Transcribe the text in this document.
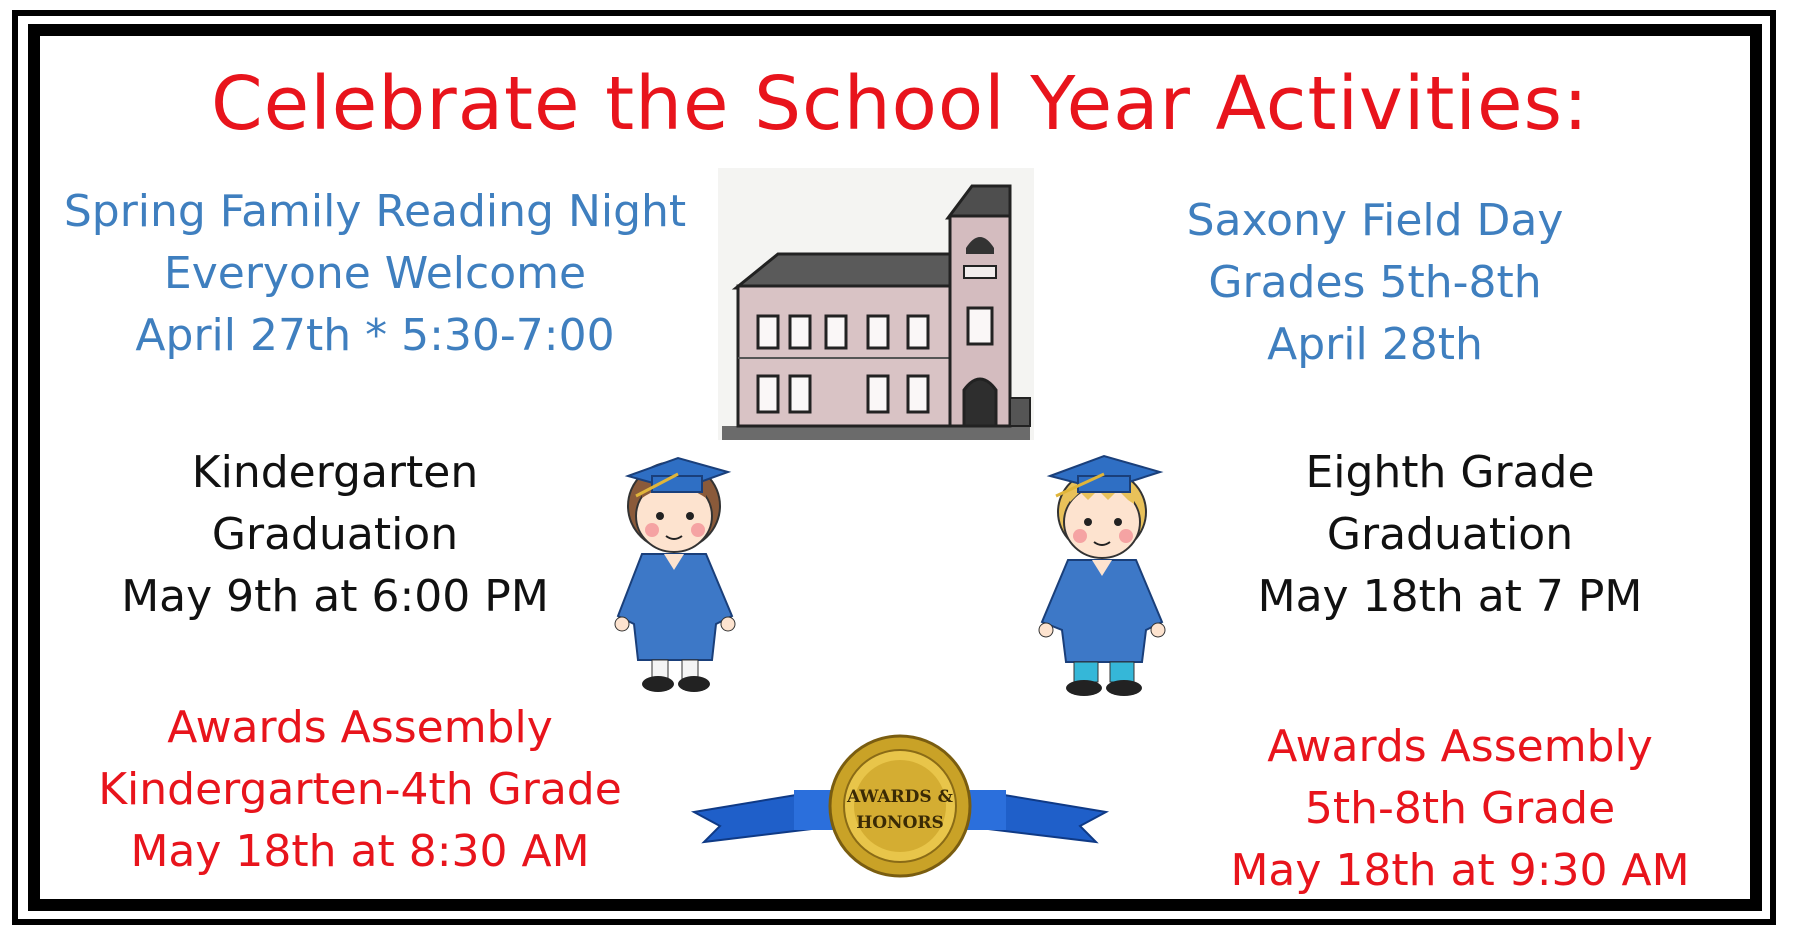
Celebrate the School Year Activities:
Spring Family Reading Night
Everyone Welcome
April 27th * 5:30-7:00
Saxony Field Day
Grades 5th-8th
April 28th
Kindergarten
Graduation
May 9th at 6:00 PM
Eighth Grade
Graduation
May 18th at 7 PM
Awards Assembly
Kindergarten-4th Grade
May 18th at 8:30 AM
Awards Assembly
5th-8th Grade
May 18th at 9:30 AM
AWARDS &
HONORS
